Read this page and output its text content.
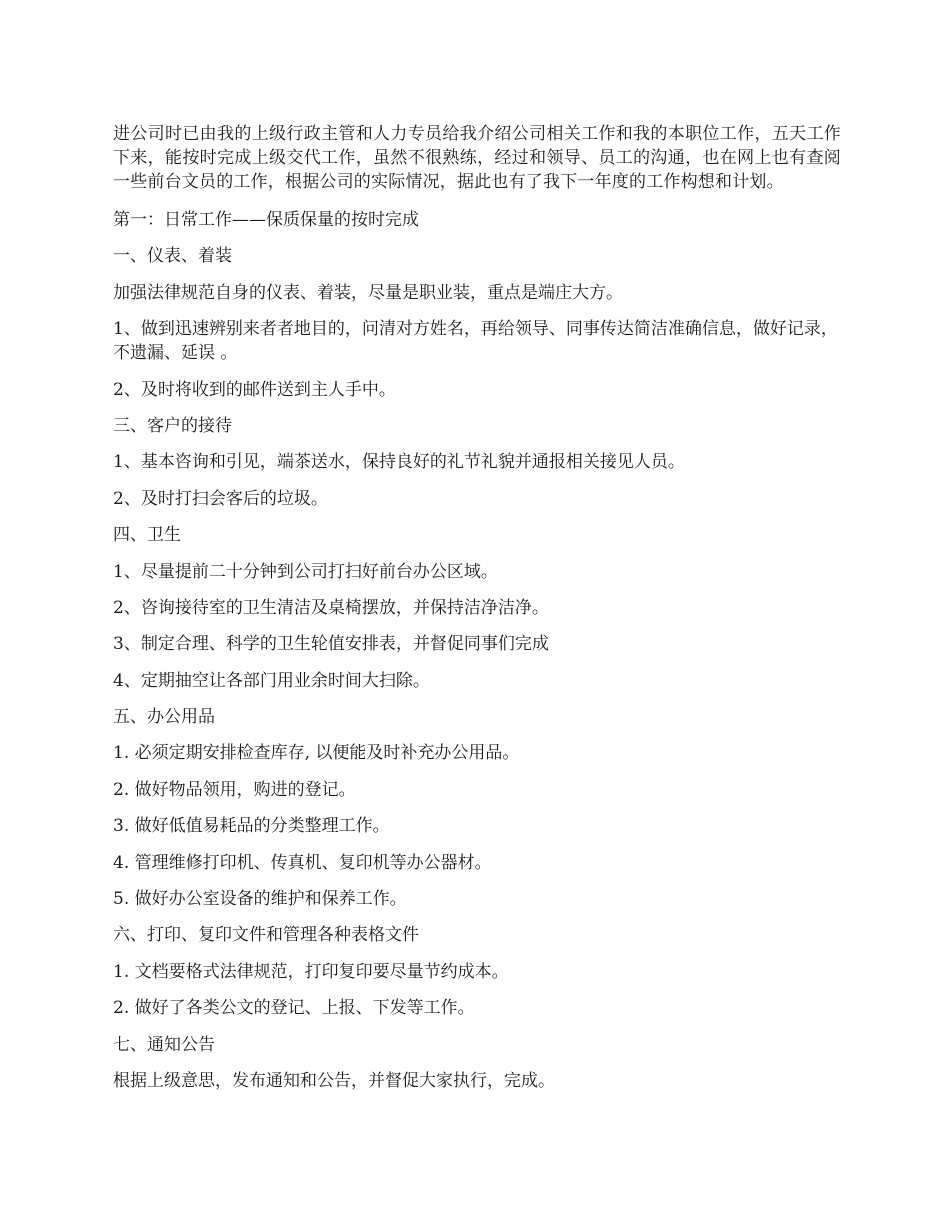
进公司时已由我的上级行政主管和人力专员给我介绍公司相关工作和我的本职位工作，五天工作下来，能按时完成上级交代工作，虽然不很熟练，经过和领导、员工的沟通，也在网上也有查阅一些前台文员的工作，根据公司的实际情况，据此也有了我下一年度的工作构想和计划。

第一：日常工作——保质保量的按时完成

一、仪表、着装

加强法律规范自身的仪表、着装，尽量是职业装，重点是端庄大方。

1、做到迅速辨别来者者地目的，问清对方姓名，再给领导、同事传达简洁准确信息，做好记录，不遗漏、延误 。

2、及时将收到的邮件送到主人手中。

三、客户的接待

1、基本咨询和引见，端茶送水，保持良好的礼节礼貌并通报相关接见人员。

2、及时打扫会客后的垃圾。

四、卫生

1、尽量提前二十分钟到公司打扫好前台办公区域。

2、咨询接待室的卫生清洁及桌椅摆放，并保持洁净洁净。

3、制定合理、科学的卫生轮值安排表，并督促同事们完成

4、定期抽空让各部门用业余时间大扫除。

五、办公用品

1. 必须定期安排检查库存, 以便能及时补充办公用品。

2. 做好物品领用，购进的登记。

3. 做好低值易耗品的分类整理工作。

4. 管理维修打印机、传真机、复印机等办公器材。

5. 做好办公室设备的维护和保养工作。

六、打印、复印文件和管理各种表格文件

1. 文档要格式法律规范，打印复印要尽量节约成本。

2. 做好了各类公文的登记、上报、下发等工作。

七、通知公告

根据上级意思，发布通知和公告，并督促大家执行，完成。
